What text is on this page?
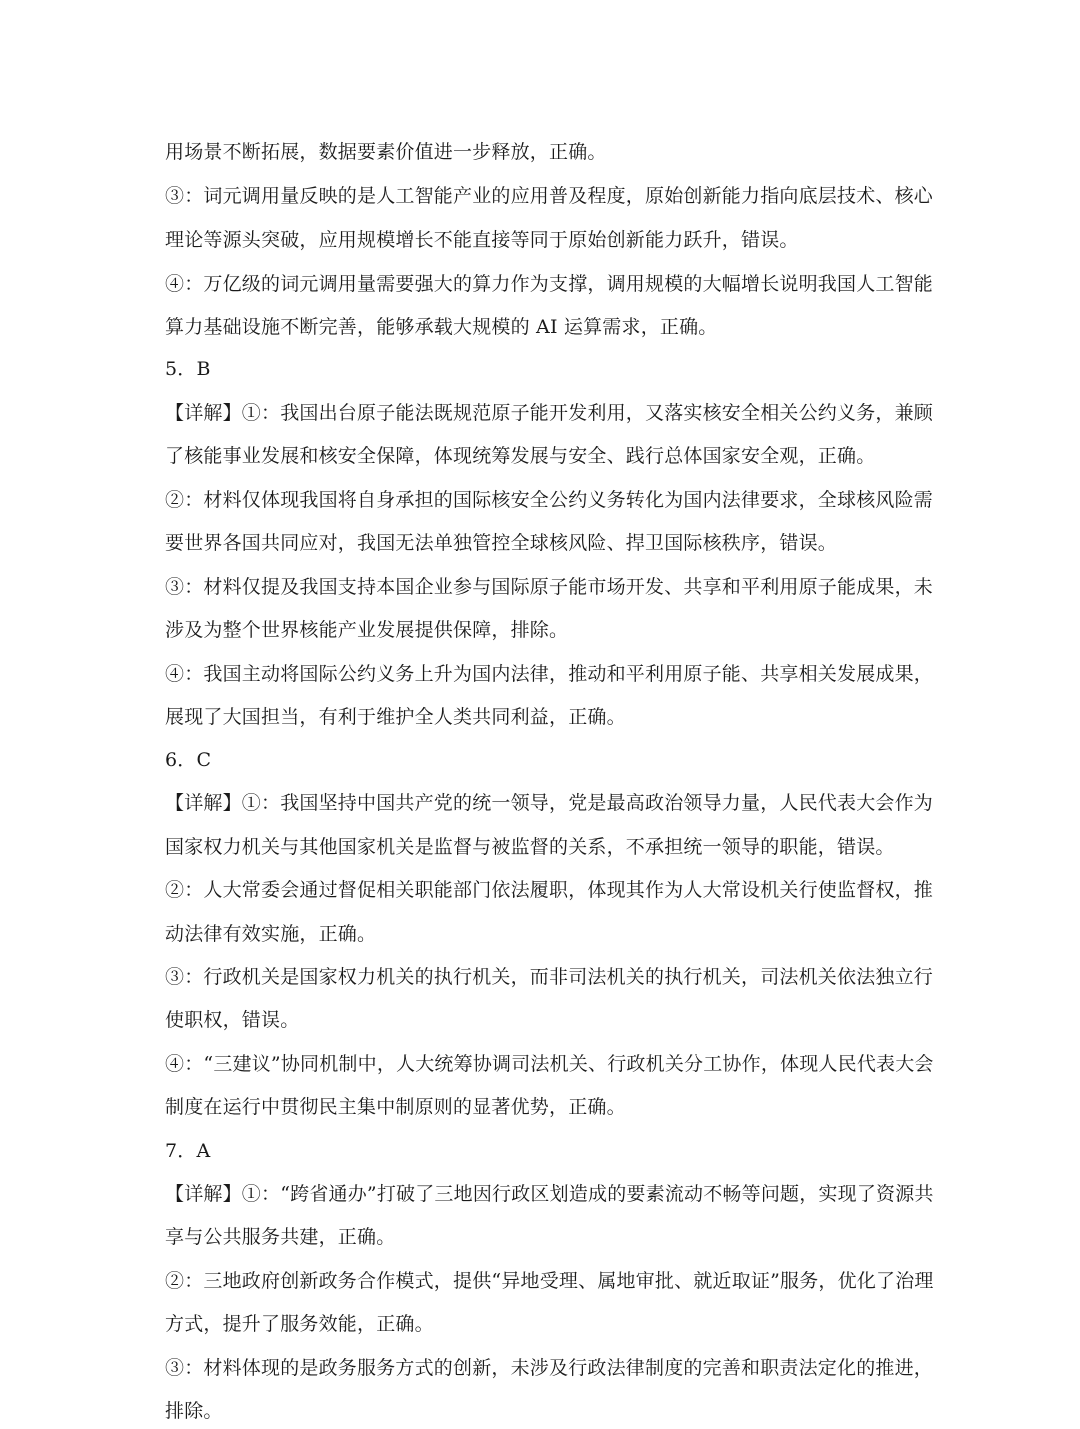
用场景不断拓展，数据要素价值进一步释放，正确。
③：词元调用量反映的是人工智能产业的应用普及程度，原始创新能力指向底层技术、核心
理论等源头突破，应用规模增长不能直接等同于原始创新能力跃升，错误。
④：万亿级的词元调用量需要强大的算力作为支撑，调用规模的大幅增长说明我国人工智能
算力基础设施不断完善，能够承载大规模的 AI 运算需求，正确。
5．B
【详解】①：我国出台原子能法既规范原子能开发利用，又落实核安全相关公约义务，兼顾
了核能事业发展和核安全保障，体现统筹发展与安全、践行总体国家安全观，正确。
②：材料仅体现我国将自身承担的国际核安全公约义务转化为国内法律要求，全球核风险需
要世界各国共同应对，我国无法单独管控全球核风险、捍卫国际核秩序，错误。
③：材料仅提及我国支持本国企业参与国际原子能市场开发、共享和平利用原子能成果，未
涉及为整个世界核能产业发展提供保障，排除。
④：我国主动将国际公约义务上升为国内法律，推动和平利用原子能、共享相关发展成果，
展现了大国担当，有利于维护全人类共同利益，正确。
6．C
【详解】①：我国坚持中国共产党的统一领导，党是最高政治领导力量，人民代表大会作为
国家权力机关与其他国家机关是监督与被监督的关系，不承担统一领导的职能，错误。
②：人大常委会通过督促相关职能部门依法履职，体现其作为人大常设机关行使监督权，推
动法律有效实施，正确。
③：行政机关是国家权力机关的执行机关，而非司法机关的执行机关，司法机关依法独立行
使职权，错误。
④：“三建议”协同机制中，人大统筹协调司法机关、行政机关分工协作，体现人民代表大会
制度在运行中贯彻民主集中制原则的显著优势，正确。
7．A
【详解】①：“跨省通办”打破了三地因行政区划造成的要素流动不畅等问题，实现了资源共
享与公共服务共建，正确。
②：三地政府创新政务合作模式，提供“异地受理、属地审批、就近取证”服务，优化了治理
方式，提升了服务效能，正确。
③：材料体现的是政务服务方式的创新，未涉及行政法律制度的完善和职责法定化的推进，
排除。
